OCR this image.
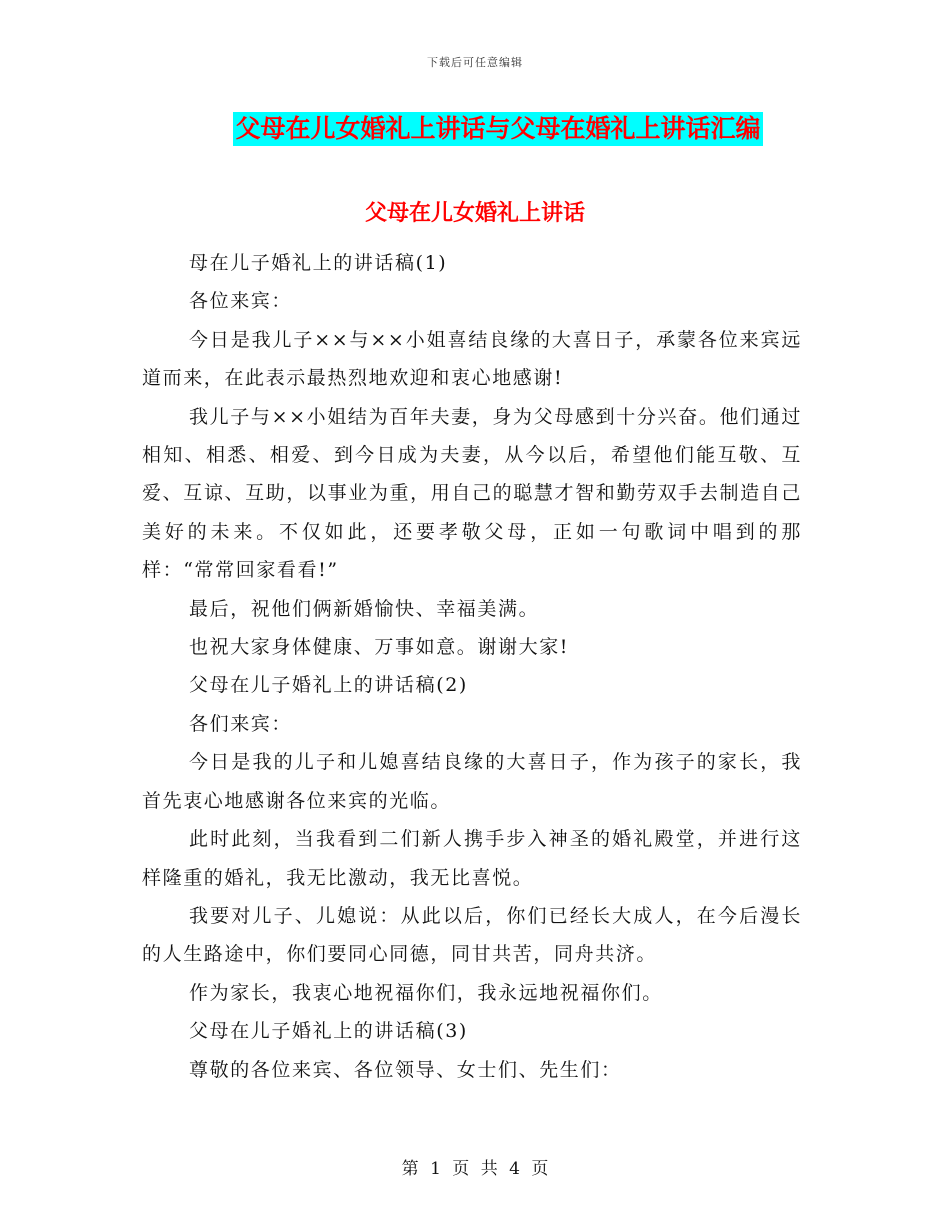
下载后可任意编辑
父母在儿女婚礼上讲话与父母在婚礼上讲话汇编
父母在儿女婚礼上讲话

母在儿子婚礼上的讲话稿(1)

各位来宾：

今日是我儿子××与××小姐喜结良缘的大喜日子，承蒙各位来宾远道而来，在此表示最热烈地欢迎和衷心地感谢!

我儿子与××小姐结为百年夫妻，身为父母感到十分兴奋。他们通过相知、相悉、相爱、到今日成为夫妻，从今以后，希望他们能互敬、互爱、互谅、互助，以事业为重，用自己的聪慧才智和勤劳双手去制造自己美好的未来。不仅如此，还要孝敬父母，正如一句歌词中唱到的那样：“常常回家看看!”

最后，祝他们俩新婚愉快、幸福美满。

也祝大家身体健康、万事如意。谢谢大家!

父母在儿子婚礼上的讲话稿(2)

各们来宾：

今日是我的儿子和儿媳喜结良缘的大喜日子，作为孩子的家长，我首先衷心地感谢各位来宾的光临。

此时此刻，当我看到二们新人携手步入神圣的婚礼殿堂，并进行这样隆重的婚礼，我无比激动，我无比喜悦。

我要对儿子、儿媳说：从此以后，你们已经长大成人，在今后漫长的人生路途中，你们要同心同德，同甘共苦，同舟共济。

作为家长，我衷心地祝福你们，我永远地祝福你们。

父母在儿子婚礼上的讲话稿(3)

尊敬的各位来宾、各位领导、女士们、先生们：

第 1 页 共 4 页
